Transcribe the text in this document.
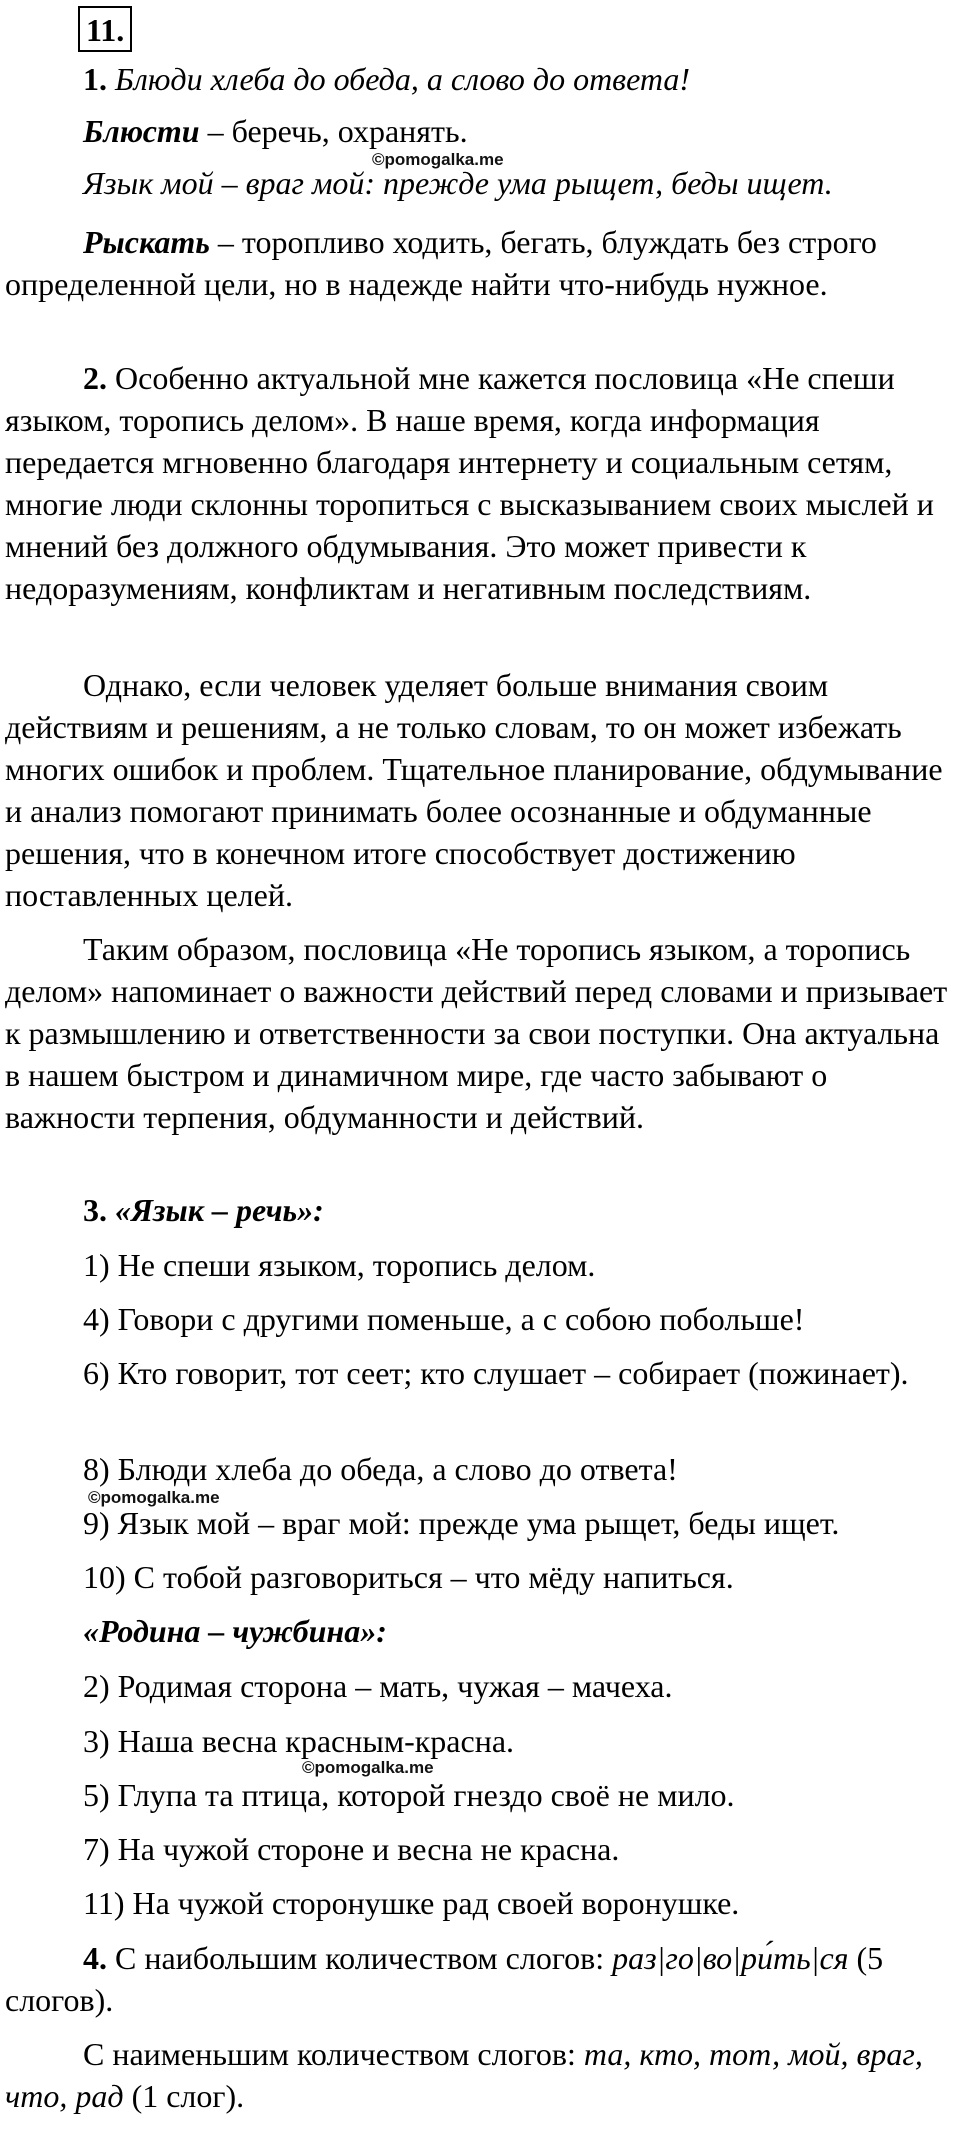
11.

1. Блюди хлеба до обеда, а слово до ответа!

Блюсти – беречь, охранять.

©pomogalka.me

Язык мой – враг мой: прежде ума рыщет, беды ищет.

Рыскать – торопливо ходить, бегать, блуждать без строго определенной цели, но в надежде найти что-нибудь нужное.

2. Особенно актуальной мне кажется пословица «Не спеши языком, торопись делом». В наше время, когда информация передается мгновенно благодаря интернету и социальным сетям, многие люди склонны торопиться с высказыванием своих мыслей и мнений без должного обдумывания. Это может привести к недоразумениям, конфликтам и негативным последствиям.

Однако, если человек уделяет больше внимания своим действиям и решениям, а не только словам, то он может избежать многих ошибок и проблем. Тщательное планирование, обдумывание и анализ помогают принимать более осознанные и обдуманные решения, что в конечном итоге способствует достижению поставленных целей.

Таким образом, пословица «Не торопись языком, а торопись делом» напоминает о важности действий перед словами и призывает к размышлению и ответственности за свои поступки. Она актуальна в нашем быстром и динамичном мире, где часто забывают о важности терпения, обдуманности и действий.

3. «Язык – речь»:

1) Не спеши языком, торопись делом.

4) Говори с другими поменьше, а с собою побольше!

6) Кто говорит, тот сеет; кто слушает – собирает (пожинает).

8) Блюди хлеба до обеда, а слово до ответа!

©pomogalka.me

9) Язык мой – враг мой: прежде ума рыщет, беды ищет.

10) С тобой разговориться – что мёду напиться.

«Родина – чужбина»:

2) Родимая сторона – мать, чужая – мачеха.

3) Наша весна красным-красна.

©pomogalka.me

5) Глупа та птица, которой гнездо своё не мило.

7) На чужой стороне и весна не красна.

11) На чужой сторонушке рад своей воронушке.

4. С наибольшим количеством слогов: раз|го|во|ри́ть|ся (5 слогов).

С наименьшим количеством слогов: та, кто, тот, мой, враг, что, рад (1 слог).
